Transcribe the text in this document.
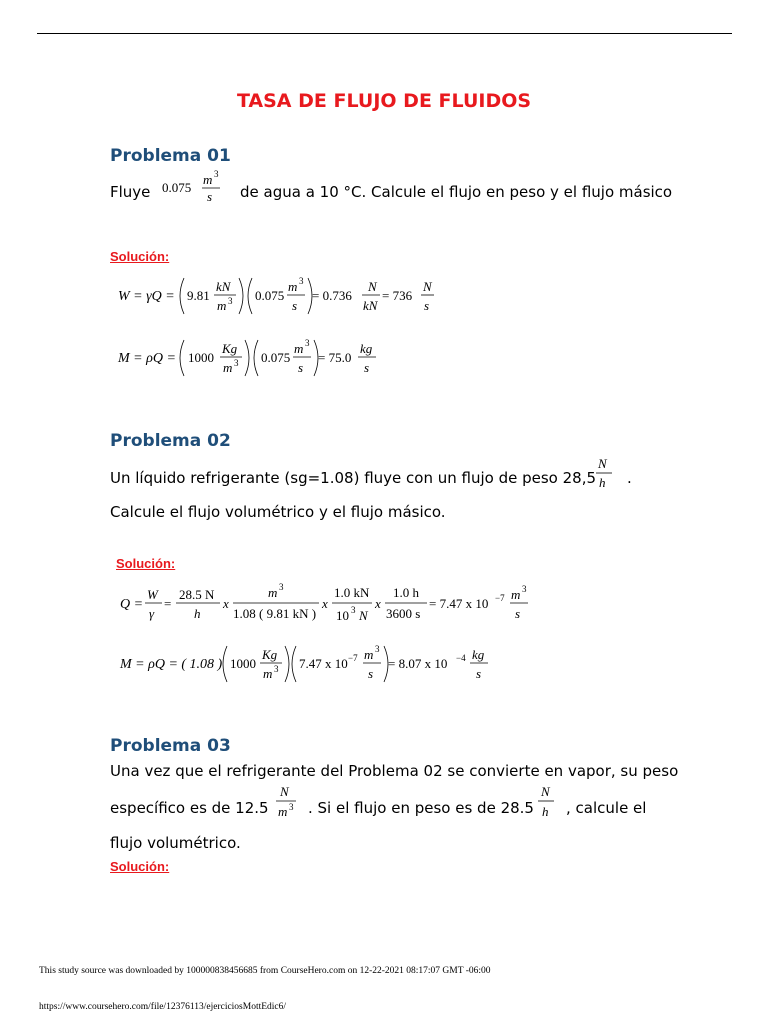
TASA DE FLUJO DE FLUIDOS
Problema 01
Fluye 0.075
m 3
s de agua a 10 °C. Calcule el flujo en peso y el flujo másico
Solución:
W = γQ = 9.81
kN
m 3 0.075
m 3
s
= 0.736
N
kN
= 736
N
s
M = ρQ = 1000
Kg
m 3 0.075
m 3
s
= 75.0
kg
s
Problema 02
Un líquido refrigerante (sg=1.08) fluye con un flujo de peso 28,5
N
h .
Calcule el flujo volumétrico y el flujo másico.
Solución:
Q =
W
γ
=
28.5 N
h
x
m 3
1.08 ( 9.81 kN )
x
1.0 kN
10 3 N
x
1.0 h
3600 s
= 7.47 x 10 −7 m 3
s
M = ρQ = ( 1.08 ) 1000
Kg
m 3 7.47 x 10 −7 m 3
s
= 8.07 x 10 −4 kg
s
Problema 03
Una vez que el refrigerante del Problema 02 se convierte en vapor, su peso
específico es de 12.5
N
m 3 . Si el flujo en peso es de 28.5
N
h , calcule el
flujo volumétrico.
Solución:
This study source was downloaded by 100000838456685 from CourseHero.com on 12-22-2021 08:17:07 GMT -06:00
https://www.coursehero.com/file/12376113/ejerciciosMottEdic6/
